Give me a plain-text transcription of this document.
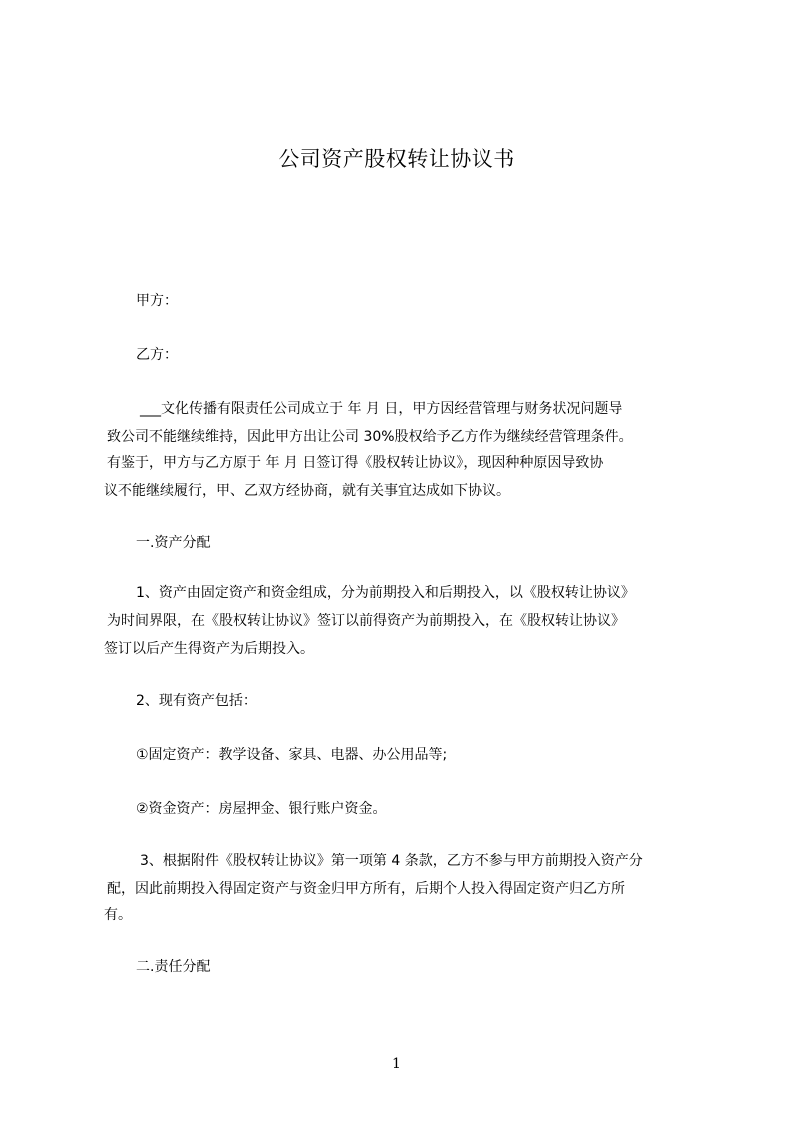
公司资产股权转让协议书
甲方：
乙方：
___文化传播有限责任公司成立于 年 月 日，甲方因经营管理与财务状况问题导
致公司不能继续维持，因此甲方出让公司 30%股权给予乙方作为继续经营管理条件。
有鉴于，甲方与乙方原于 年 月 日签订得《股权转让协议》，现因种种原因导致协
议不能继续履行，甲、乙双方经协商，就有关事宜达成如下协议。
一.资产分配
1、资产由固定资产和资金组成，分为前期投入和后期投入，以《股权转让协议》
为时间界限，在《股权转让协议》签订以前得资产为前期投入，在《股权转让协议》
签订以后产生得资产为后期投入。
2、现有资产包括：
①固定资产：教学设备、家具、电器、办公用品等;
②资金资产：房屋押金、银行账户资金。
3、根据附件《股权转让协议》第一项第 4 条款，乙方不参与甲方前期投入资产分
配，因此前期投入得固定资产与资金归甲方所有，后期个人投入得固定资产归乙方所
有。
二.责任分配
1
